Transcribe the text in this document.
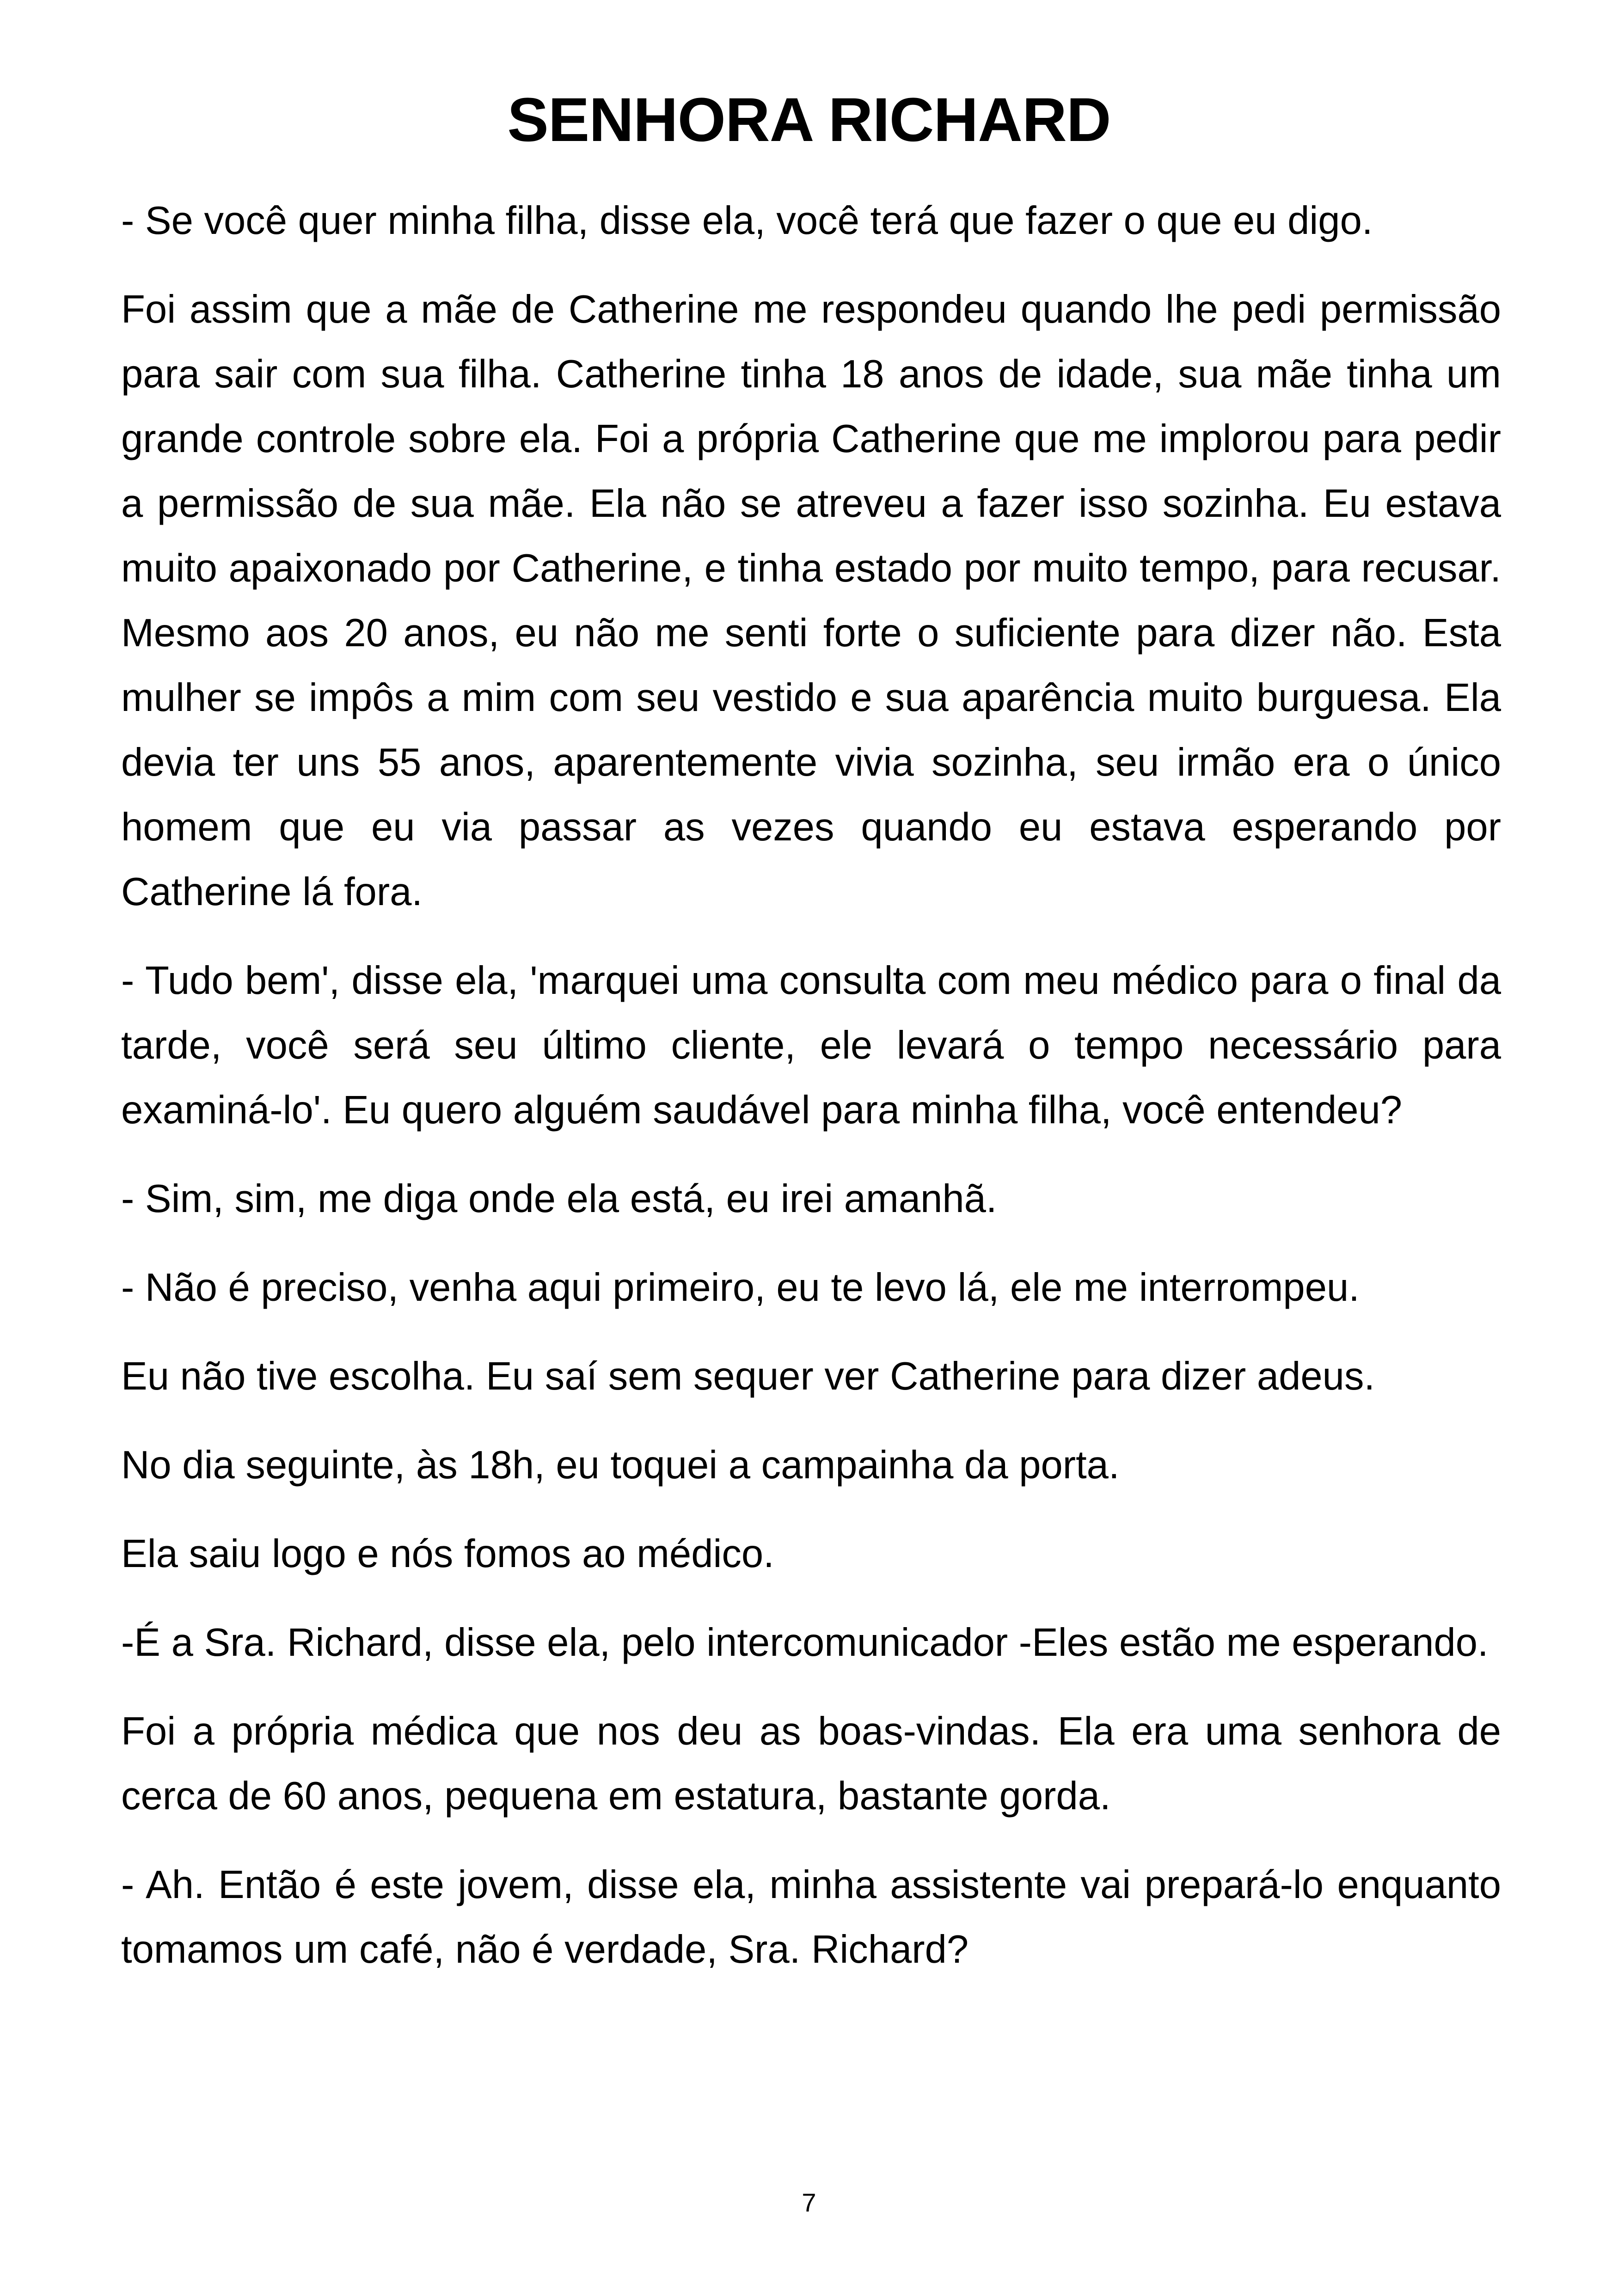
SENHORA RICHARD

- Se você quer minha filha, disse ela, você terá que fazer o que eu digo.

Foi assim que a mãe de Catherine me respondeu quando lhe pedi permissão para sair com sua filha. Catherine tinha 18 anos de idade, sua mãe tinha um grande controle sobre ela. Foi a própria Catherine que me implorou para pedir a permissão de sua mãe. Ela não se atreveu a fazer isso sozinha. Eu estava muito apaixonado por Catherine, e tinha estado por muito tempo, para recusar. Mesmo aos 20 anos, eu não me senti forte o suficiente para dizer não. Esta mulher se impôs a mim com seu vestido e sua aparência muito burguesa. Ela devia ter uns 55 anos, aparentemente vivia sozinha, seu irmão era o único homem que eu via passar as vezes quando eu estava esperando por Catherine lá fora.

- Tudo bem', disse ela, 'marquei uma consulta com meu médico para o final da tarde, você será seu último cliente, ele levará o tempo necessário para examiná-lo'. Eu quero alguém saudável para minha filha, você entendeu?

- Sim, sim, me diga onde ela está, eu irei amanhã.

- Não é preciso, venha aqui primeiro, eu te levo lá, ele me interrompeu.

Eu não tive escolha. Eu saí sem sequer ver Catherine para dizer adeus.

No dia seguinte, às 18h, eu toquei a campainha da porta.

Ela saiu logo e nós fomos ao médico.

-É a Sra. Richard, disse ela, pelo intercomunicador -Eles estão me esperando.

Foi a própria médica que nos deu as boas-vindas. Ela era uma senhora de cerca de 60 anos, pequena em estatura, bastante gorda.

- Ah. Então é este jovem, disse ela, minha assistente vai prepará-lo enquanto tomamos um café, não é verdade, Sra. Richard?

7
